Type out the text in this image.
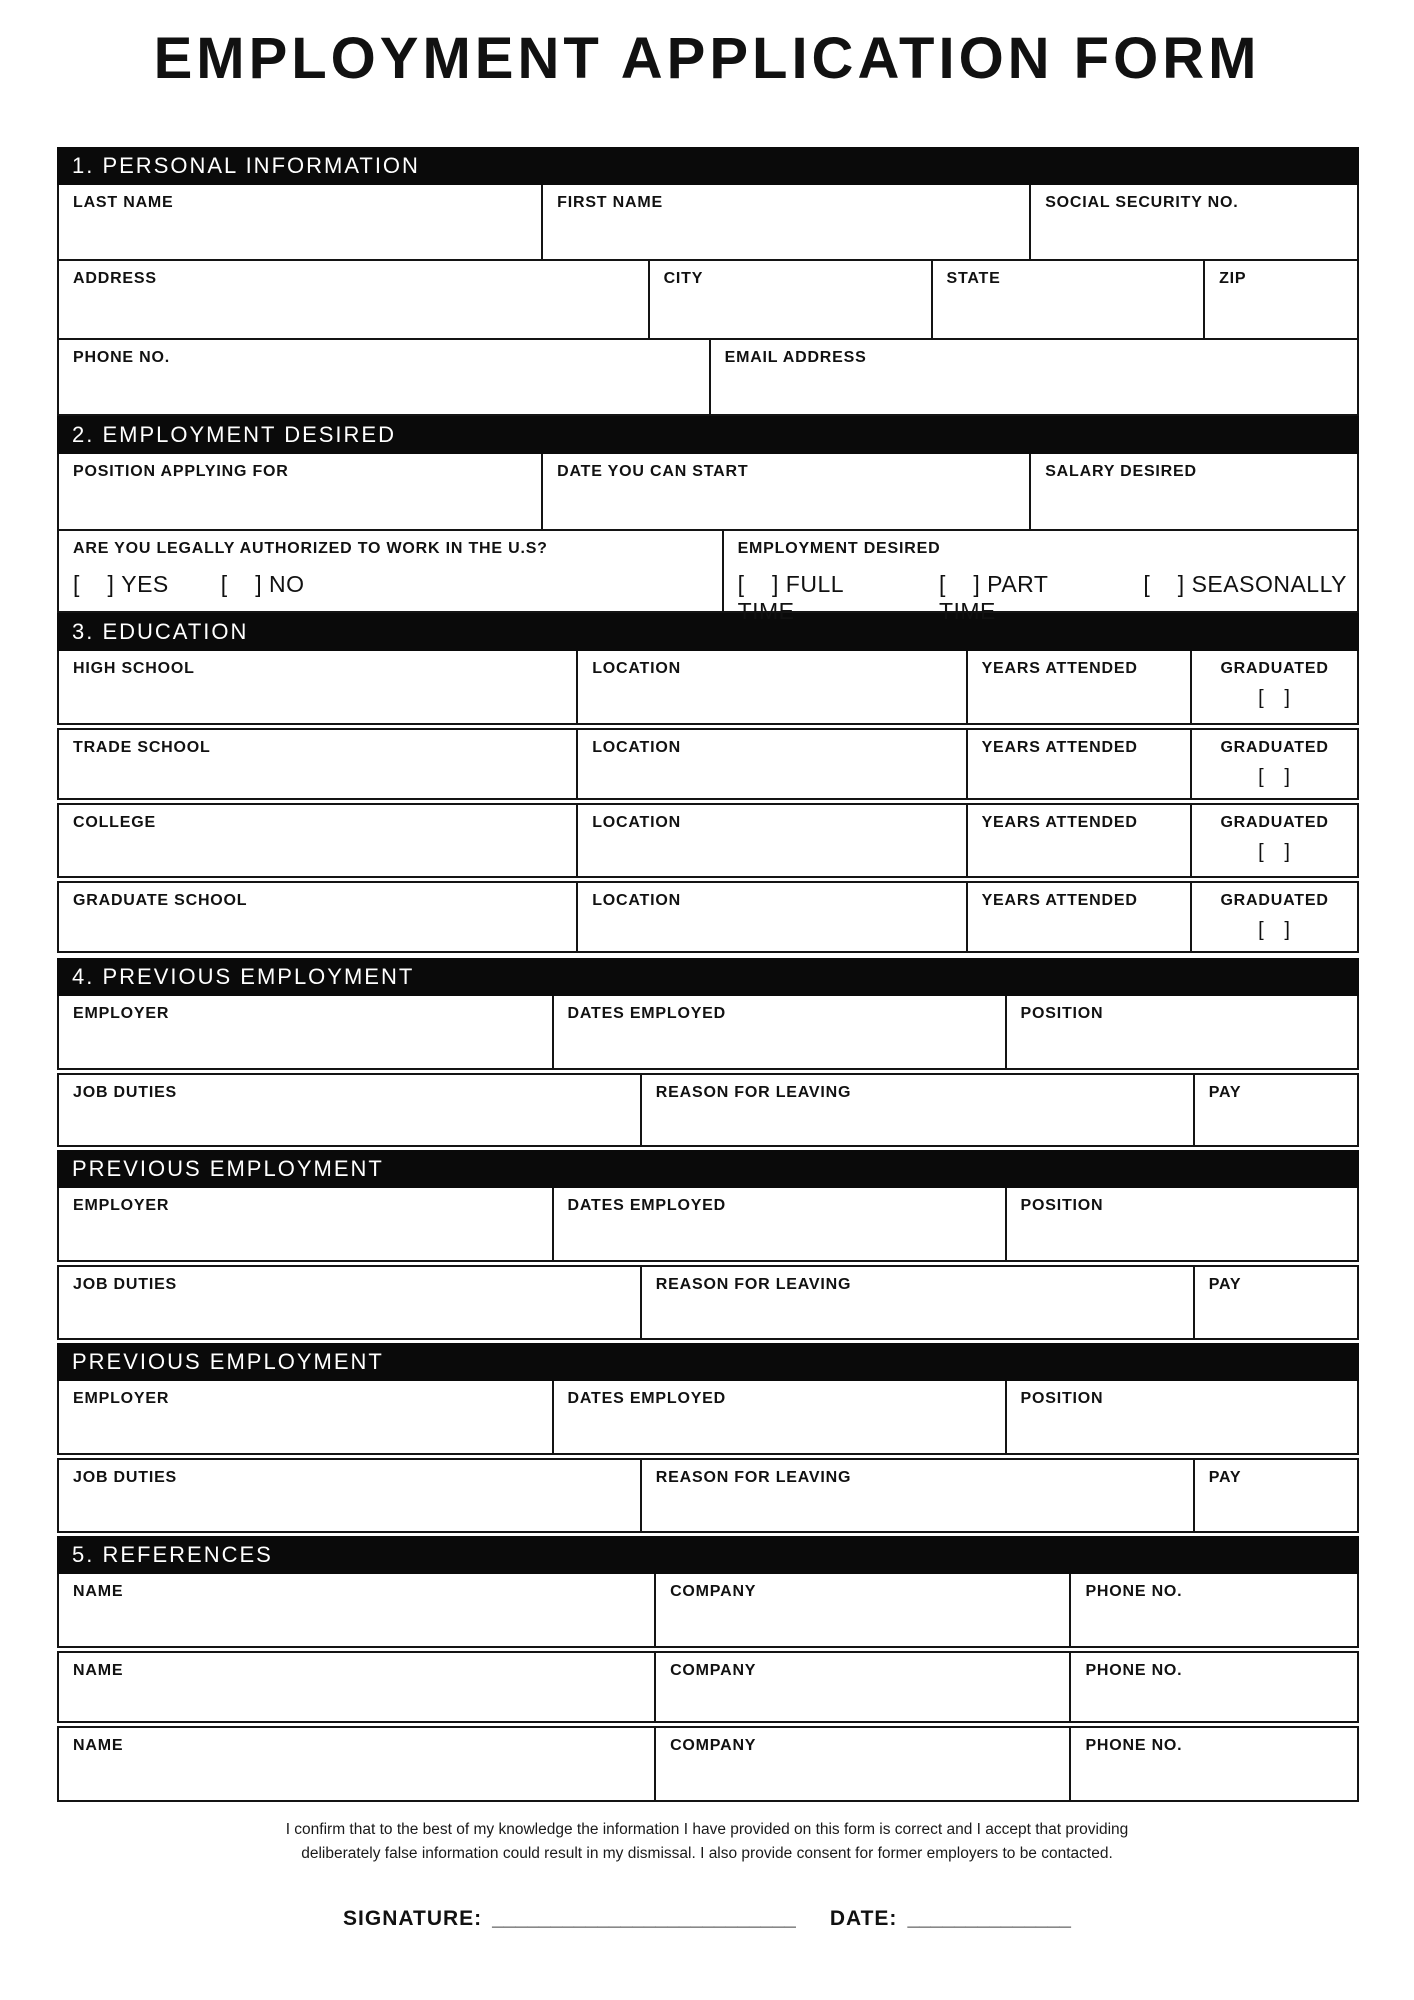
EMPLOYMENT APPLICATION FORM
1. PERSONAL INFORMATION
LAST NAME	FIRST NAME	SOCIAL SECURITY NO.
ADDRESS	CITY	STATE	ZIP
PHONE NO.	EMAIL ADDRESS
2. EMPLOYMENT DESIRED
POSITION APPLYING FOR	DATE YOU CAN START	SALARY DESIRED
ARE YOU LEGALLY AUTHORIZED TO WORK IN THE U.S?
[    ] YES [    ] NO
EMPLOYMENT DESIRED
[    ] FULL TIME
[    ] PART TIME
[    ] SEASONALLY
3. EDUCATION
HIGH SCHOOL	LOCATION	YEARS ATTENDED	GRADUATED
[   ]
TRADE SCHOOL	LOCATION	YEARS ATTENDED	GRADUATED
[   ]
COLLEGE	LOCATION	YEARS ATTENDED	GRADUATED
[   ]
GRADUATE SCHOOL	LOCATION	YEARS ATTENDED	GRADUATED
[   ]
4. PREVIOUS EMPLOYMENT
EMPLOYER	DATES EMPLOYED	POSITION
JOB DUTIES	REASON FOR LEAVING	PAY
PREVIOUS EMPLOYMENT
EMPLOYER	DATES EMPLOYED	POSITION
JOB DUTIES	REASON FOR LEAVING	PAY
PREVIOUS EMPLOYMENT
EMPLOYER	DATES EMPLOYED	POSITION
JOB DUTIES	REASON FOR LEAVING	PAY
5. REFERENCES
NAME	COMPANY	PHONE NO.
NAME	COMPANY	PHONE NO.
NAME	COMPANY	PHONE NO.
I confirm that to the best of my knowledge the information I have provided on this form is correct and I accept that providing
deliberately false information could result in my dismissal. I also provide consent for former employers to be contacted.
SIGNATURE: __________________________ DATE: ______________
